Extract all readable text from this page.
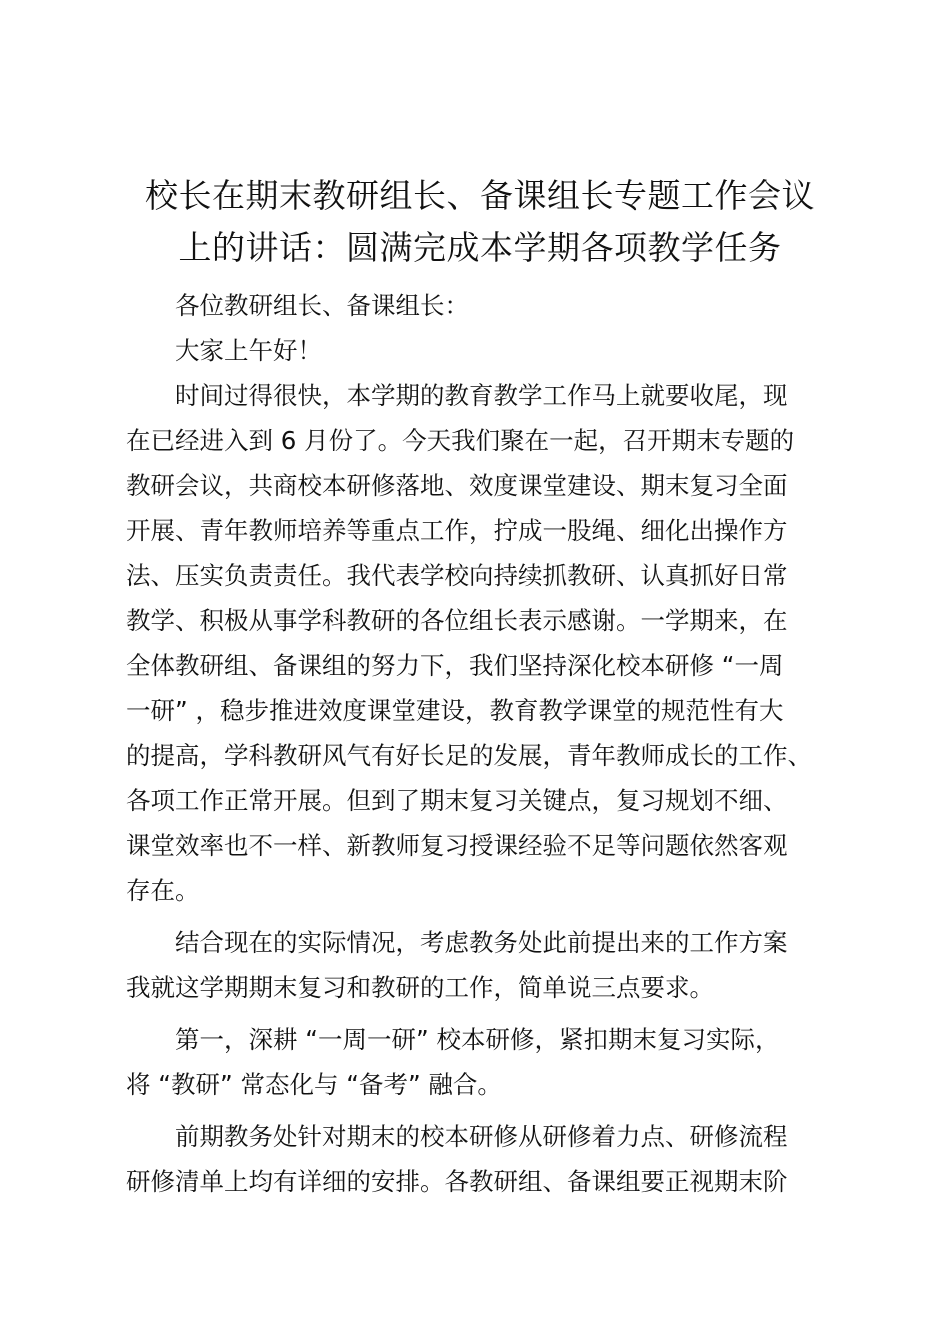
校长在期末教研组长、备课组长专题工作会议
上的讲话：圆满完成本学期各项教学任务

各位教研组长、备课组长：

大家上午好！

时间过得很快，本学期的教育教学工作马上就要收尾，现
在已经进入到 6 月份了。今天我们聚在一起，召开期末专题的
教研会议，共商校本研修落地、效度课堂建设、期末复习全面
开展、青年教师培养等重点工作，拧成一股绳、细化出操作方
法、压实负责责任。我代表学校向持续抓教研、认真抓好日常
教学、积极从事学科教研的各位组长表示感谢。一学期来，在
全体教研组、备课组的努力下，我们坚持深化校本研修 “一周
一研” ，稳步推进效度课堂建设，教育教学课堂的规范性有大
的提高，学科教研风气有好长足的发展，青年教师成长的工作、
各项工作正常开展。但到了期末复习关键点，复习规划不细、
课堂效率也不一样、新教师复习授课经验不足等问题依然客观
存在。
结合现在的实际情况，考虑教务处此前提出来的工作方案
我就这学期期末复习和教研的工作，简单说三点要求。
第一，深耕 “一周一研” 校本研修，紧扣期末复习实际，
将 “教研” 常态化与 “备考” 融合。
前期教务处针对期末的校本研修从研修着力点、研修流程
研修清单上均有详细的安排。各教研组、备课组要正视期末阶
